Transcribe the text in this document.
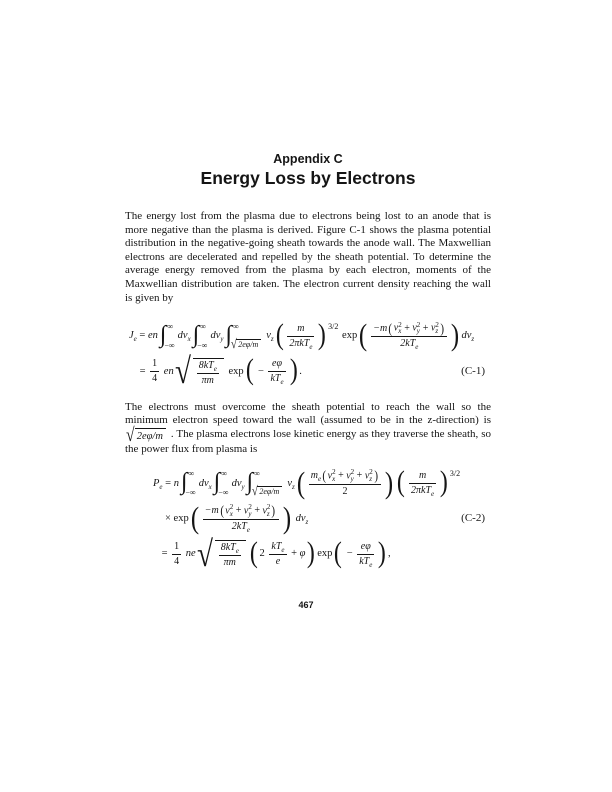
Appendix C

Energy Loss by Electrons

The energy lost from the plasma due to electrons being lost to an anode that is more negative than the plasma is derived. Figure C-1 shows the plasma potential distribution in the negative-going sheath towards the anode wall. The Maxwellian electrons are decelerated and repelled by the sheath potential. To determine the average energy removed from the plasma by each electron, moments of the Maxwellian distribution are taken. The electron current density reaching the wall is given by

$J_e$ = en ∫ ∞
−∞
$dv_x$ ∫ ∞
−∞
$dv_y$ ∫ ∞
√ 2eφ/m
$v_z$ ( m
2πkT$_e$ ) 3/2
exp ( −m ( v 2
x + v 2
y + v 2
z )
$2kT_e$ ) $dv_z$
=
1
4
en √ $8kT_e$
πm
exp ( −
eφ
$kT_e$ ) .	(C-1)

The electrons must overcome the sheath potential to reach the wall so the minimum electron speed toward the wall (assumed to be in the z-direction) is
√ 2eφ/m . The plasma electrons lose kinetic energy as they traverse the sheath, so the power flux from plasma is

$P_e = n$ ∫ ∞
−∞
$dv_x$ ∫ ∞
−∞
$dv_y$ ∫ ∞
√ 2eφ/m
$v_z$ ( $m_e$ ( v 2
x + v 2
y + v 2
z )
2 ) ( m
2πkT$_e$ ) 3/2
× exp ( −m ( v 2
x + v 2
y + v 2
z )
$2kT_e$ ) $dv_z$	(C-2)
=
1
4
ne √ $8kT_e$
πm ( 2
$kT_e$
e
+ φ ) exp ( −
eφ
$kT_e$ ) ,
467
